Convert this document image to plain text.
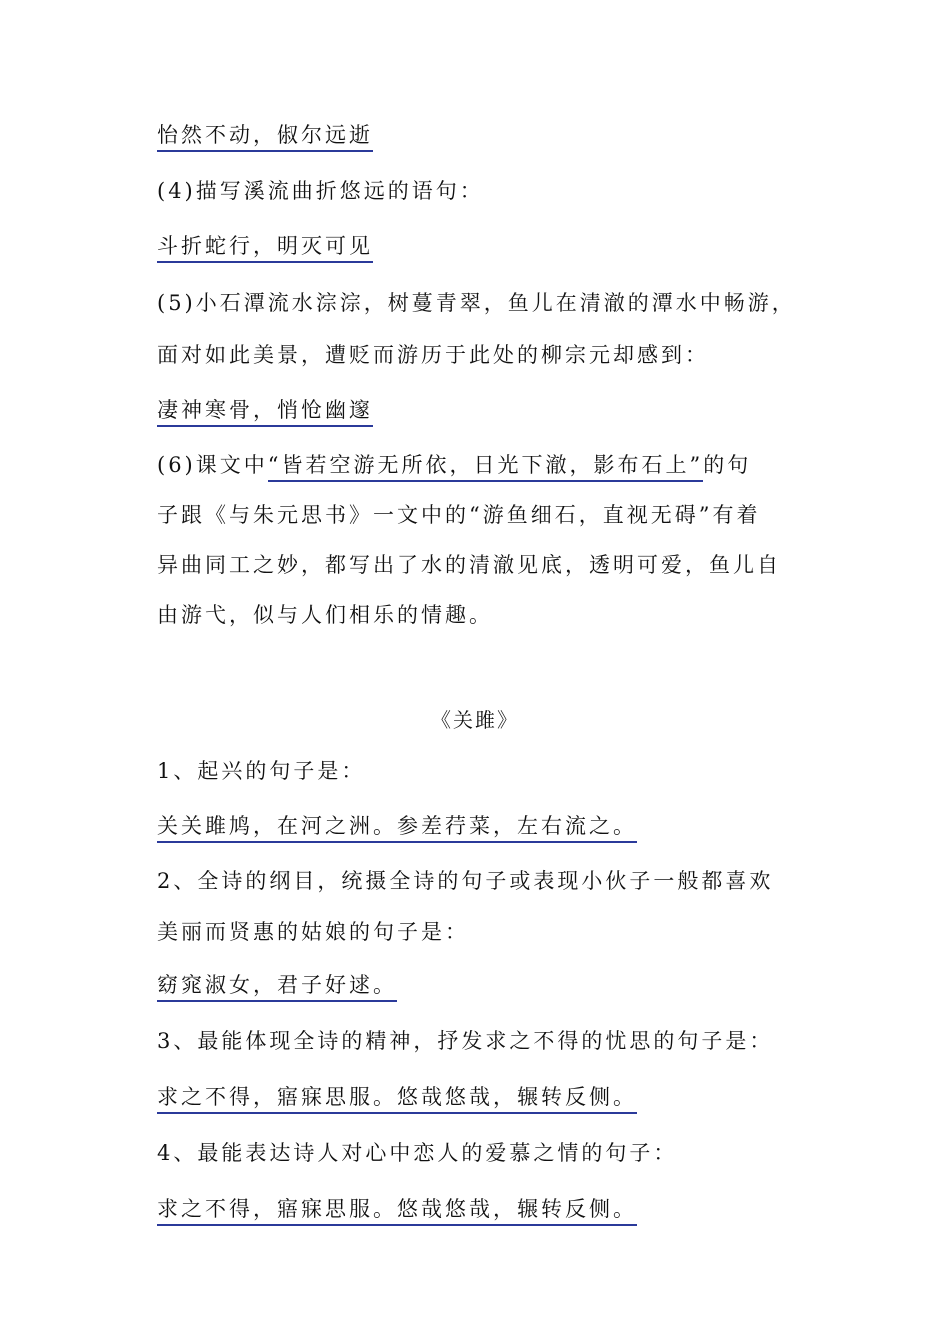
怡然不动，俶尔远逝
(4)描写溪流曲折悠远的语句：
斗折蛇行，明灭可见
(5)小石潭流水淙淙，树蔓青翠，鱼儿在清澈的潭水中畅游，
面对如此美景，遭贬而游历于此处的柳宗元却感到：
凄神寒骨，悄怆幽邃
(6)课文中“皆若空游无所依，日光下澈，影布石上”的句
子跟《与朱元思书》一文中的“游鱼细石，直视无碍”有着
异曲同工之妙，都写出了水的清澈见底，透明可爱，鱼儿自
由游弋，似与人们相乐的情趣。
《关雎》
1、起兴的句子是：
关关雎鸠，在河之洲。参差荇菜，左右流之。
2、全诗的纲目，统摄全诗的句子或表现小伙子一般都喜欢
美丽而贤惠的姑娘的句子是：
窈窕淑女，君子好逑。
3、最能体现全诗的精神，抒发求之不得的忧思的句子是：
求之不得，寤寐思服。悠哉悠哉，辗转反侧。
4、最能表达诗人对心中恋人的爱慕之情的句子：
求之不得，寤寐思服。悠哉悠哉，辗转反侧。
